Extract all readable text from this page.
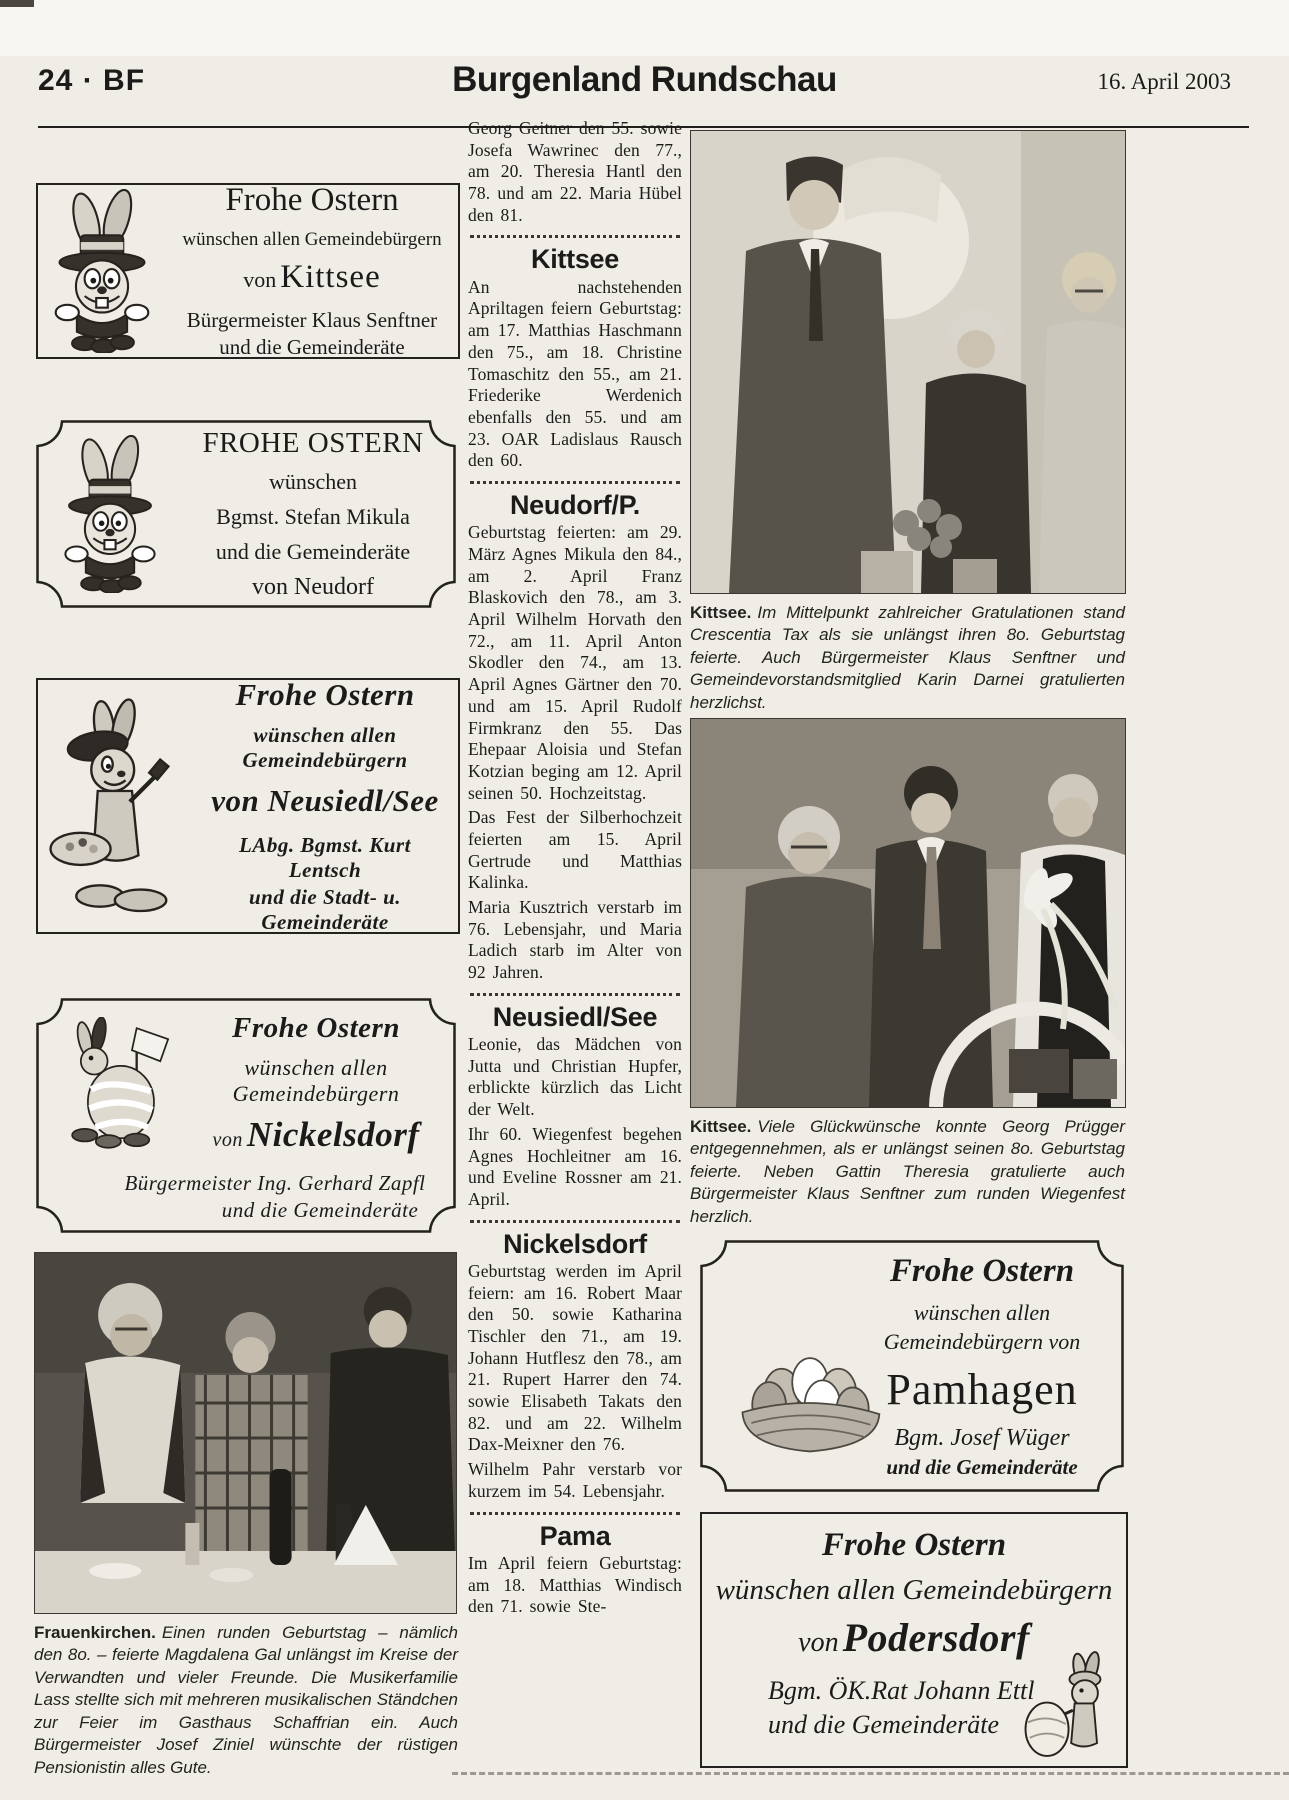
24 · BF	Burgenland Rundschau	16. April 2003
Frohe Ostern
wünschen allen Gemeindebürgern
von Kittsee
Bürgermeister Klaus Senftner
und die Gemeinderäte
FROHE OSTERN
wünschen
Bgmst. Stefan Mikula
und die Gemeinderäte
von Neudorf
Frohe Ostern
wünschen allen Gemeindebürgern
von Neusiedl/See
LAbg. Bgmst. Kurt Lentsch
und die Stadt- u. Gemeinderäte
Frohe Ostern
wünschen allen Gemeindebürgern
von Nickelsdorf
Bürgermeister Ing. Gerhard Zapfl
und die Gemeinderäte
Frauenkirchen. Einen runden Geburtstag – nämlich den 8o. – feierte Magdalena Gal unlängst im Kreise der Verwandten und vieler Freunde. Die Musikerfamilie Lass stellte sich mit mehreren musikalischen Ständchen zur Feier im Gasthaus Schaffrian ein. Auch Bürgermeister Josef Ziniel wünschte der rüstigen Pensionistin alles Gute.

Georg Geitner den 55. sowie Josefa Wawrinec den 77., am 20. Theresia Hantl den 78. und am 22. Maria Hübel den 81.

Kittsee

An nachstehenden Apriltagen feiern Geburtstag: am 17. Matthias Haschmann den 75., am 18. Christine Tomaschitz den 55., am 21. Friederike Werdenich ebenfalls den 55. und am 23. OAR Ladislaus Rausch den 60.

Neudorf/P.

Geburtstag feierten: am 29. März Agnes Mikula den 84., am 2. April Franz Blaskovich den 78., am 3. April Wilhelm Horvath den 72., am 11. April Anton Skodler den 74., am 13. April Agnes Gärtner den 70. und am 15. April Rudolf Firmkranz den 55. Das Ehepaar Aloisia und Stefan Kotzian beging am 12. April seinen 50. Hochzeitstag.

Das Fest der Silberhochzeit feierten am 15. April Gertrude und Matthias Kalinka.

Maria Kusztrich verstarb im 76. Lebensjahr, und Maria Ladich starb im Alter von 92 Jahren.

Neusiedl/See

Leonie, das Mädchen von Jutta und Christian Hupfer, erblickte kürzlich das Licht der Welt.

Ihr 60. Wiegenfest begehen Agnes Hochleitner am 16. und Eveline Rossner am 21. April.

Nickelsdorf

Geburtstag werden im April feiern: am 16. Robert Maar den 50. sowie Katharina Tischler den 71., am 19. Johann Hutflesz den 78., am 21. Rupert Harrer den 74. sowie Elisabeth Takats den 82. und am 22. Wilhelm Dax-Meixner den 76.

Wilhelm Pahr verstarb vor kurzem im 54. Lebensjahr.

Pama

Im April feiern Geburtstag: am 18. Matthias Windisch den 71. sowie Ste-

Kittsee. Im Mittelpunkt zahlreicher Gratulationen stand Crescentia Tax als sie unlängst ihren 8o. Geburtstag feierte. Auch Bürgermeister Klaus Senftner und Gemeindevorstandsmitglied Karin Darnei gratulierten herzlichst.
Kittsee. Viele Glückwünsche konnte Georg Prügger entgegennehmen, als er unlängst seinen 8o. Geburtstag feierte. Neben Gattin Theresia gratulierte auch Bürgermeister Klaus Senftner zum runden Wiegenfest herzlich.
Frohe Ostern
wünschen allen Gemeindebürgern von
Pamhagen
Bgm. Josef Wüger
und die Gemeinderäte
Frohe Ostern
wünschen allen Gemeindebürgern
von Podersdorf
Bgm. ÖK.Rat Johann Ettl
und die Gemeinderäte
